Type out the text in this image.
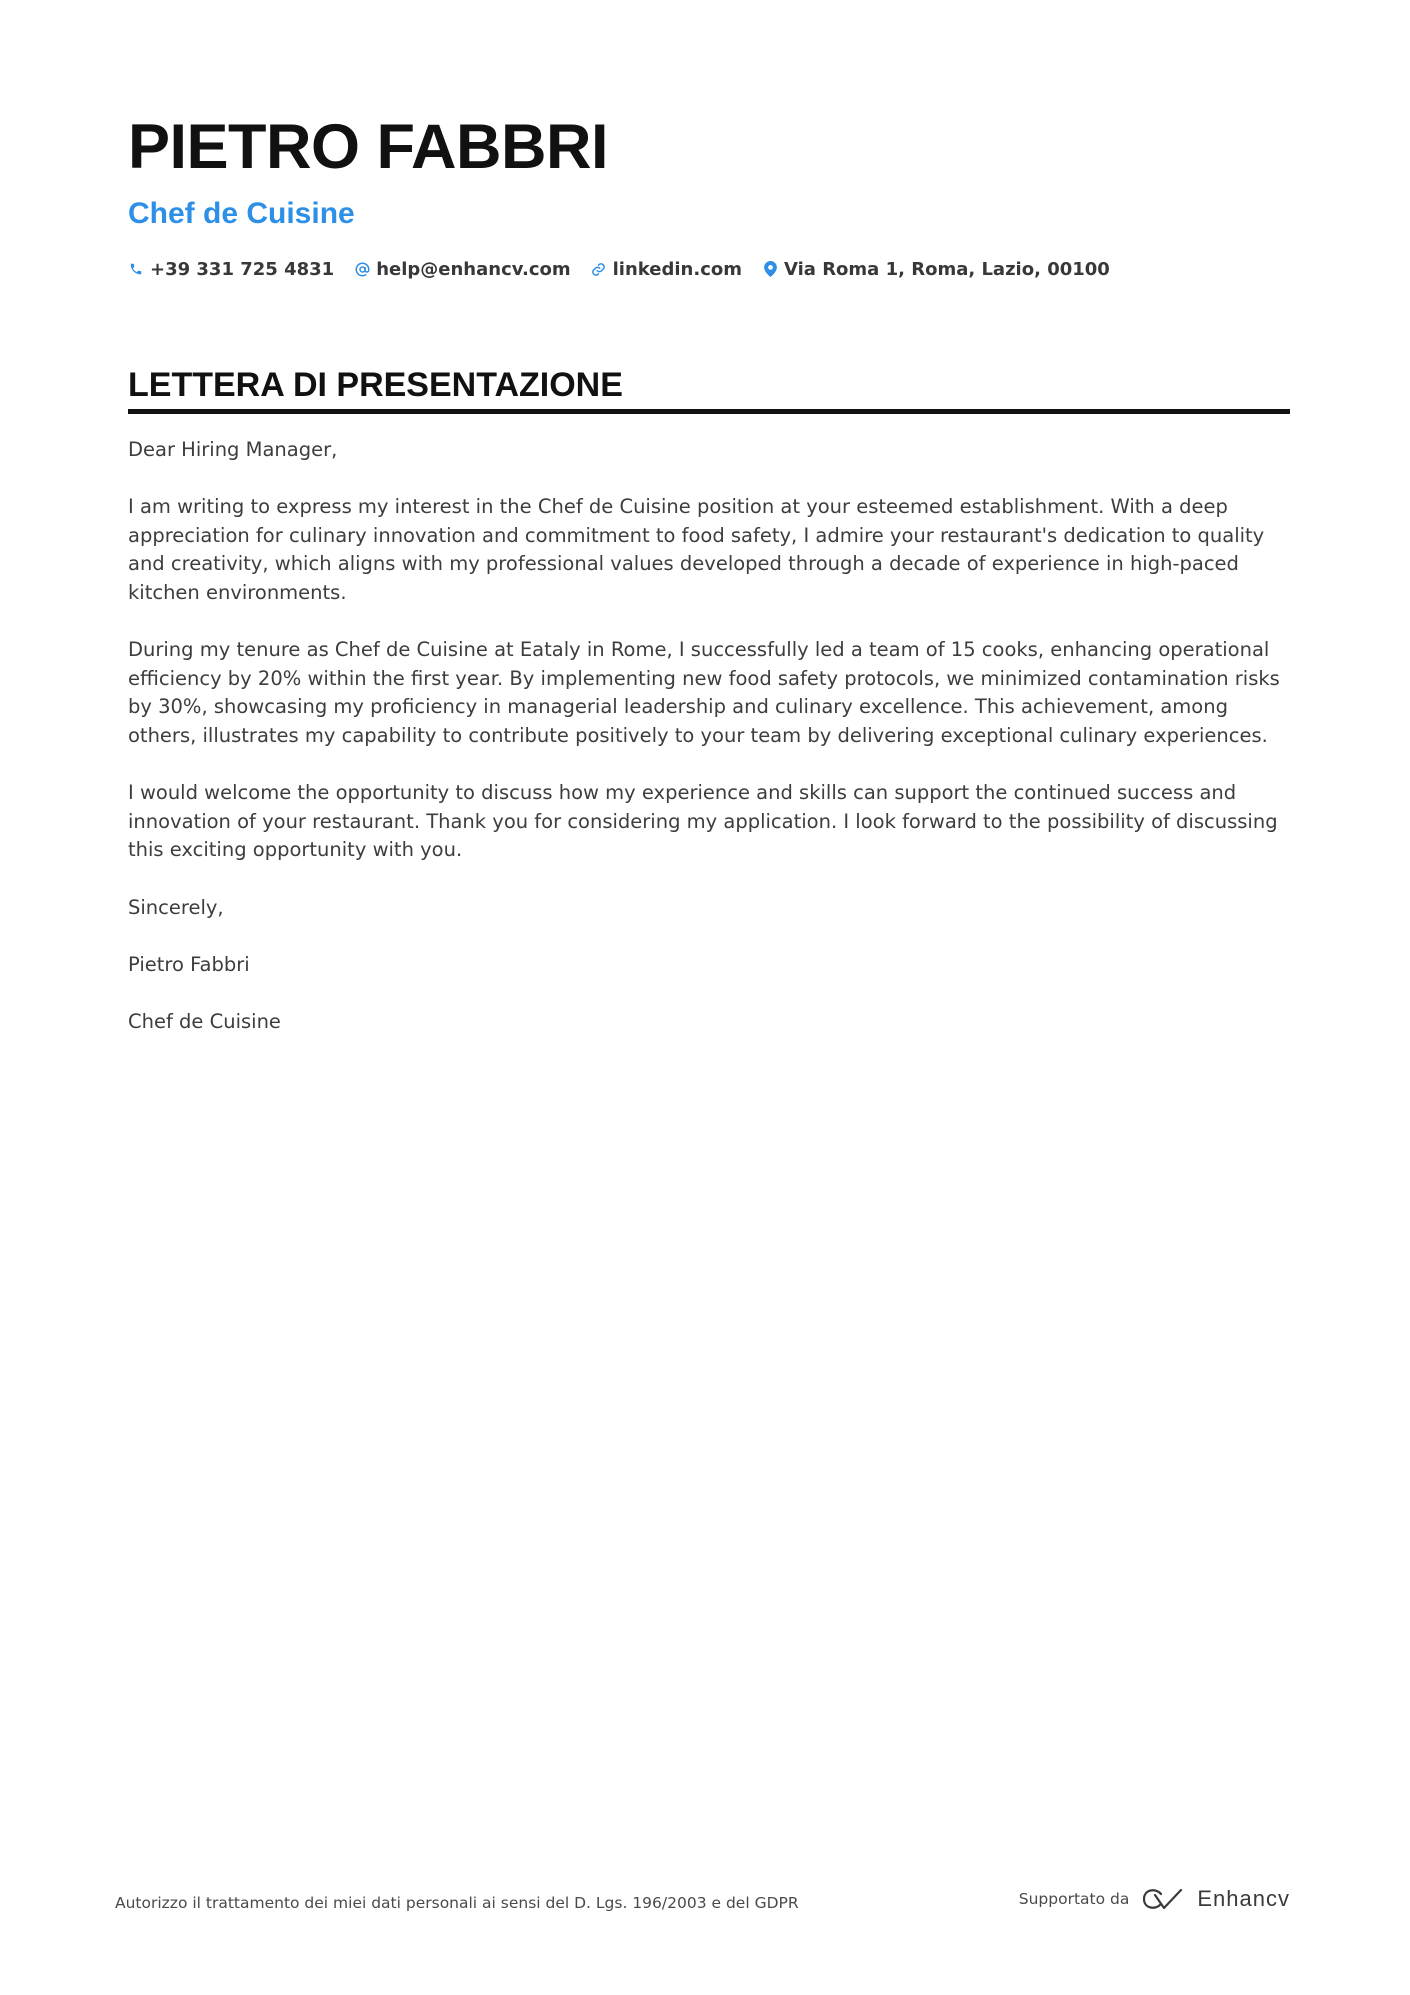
PIETRO FABBRI
Chef de Cuisine
+39 331 725 4831 help@enhancv.com linkedin.com Via Roma 1, Roma, Lazio, 00100
LETTERA DI PRESENTAZIONE

Dear Hiring Manager,

I am writing to express my interest in the Chef de Cuisine position at your esteemed establishment. With a deep appreciation for culinary innovation and commitment to food safety, I admire your restaurant's dedication to quality and creativity, which aligns with my professional values developed through a decade of experience in high-paced kitchen environments.

During my tenure as Chef de Cuisine at Eataly in Rome, I successfully led a team of 15 cooks, enhancing operational efficiency by 20% within the first year. By implementing new food safety protocols, we minimized contamination risks by 30%, showcasing my proficiency in managerial leadership and culinary excellence. This achievement, among others, illustrates my capability to contribute positively to your team by delivering exceptional culinary experiences.

I would welcome the opportunity to discuss how my experience and skills can support the continued success and innovation of your restaurant. Thank you for considering my application. I look forward to the possibility of discussing this exciting opportunity with you.

Sincerely,

Pietro Fabbri

Chef de Cuisine

Autorizzo il trattamento dei miei dati personali ai sensi del D. Lgs. 196/2003 e del GDPR	Supportato da	Enhancv
